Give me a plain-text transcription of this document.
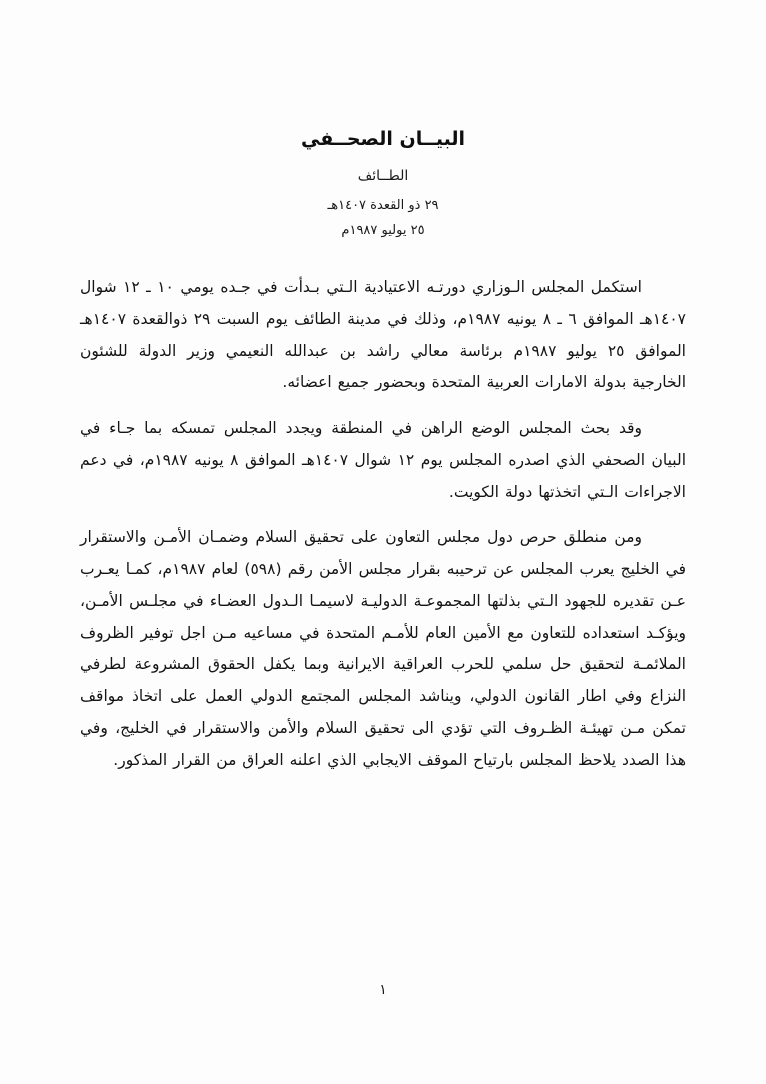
البيــان الصحــفي
الطــائف
٢٩ ذو القعدة ١٤٠٧هـ
٢٥ يوليو ١٩٨٧م

استكمل المجلس الـوزاري دورتـه الاعتيادية الـتي بـدأت في جـده يومي ١٠ ـ ١٢ شوال ١٤٠٧هـ الموافق ٦ ـ ٨ يونيه ١٩٨٧م، وذلك في مدينة الطائف يوم السبت ٢٩ ذوالقعدة ١٤٠٧هـ الموافق ٢٥ يوليو ١٩٨٧م برئاسة معالي راشد بن عبدالله النعيمي وزير الدولة للشئون الخارجية بدولة الامارات العربية المتحدة وبحضور جميع اعضائه.

وقد بحث المجلس الوضع الراهن في المنطقة ويجدد المجلس تمسكه بما جـاء في البيان الصحفي الذي اصدره المجلس يوم ١٢ شوال ١٤٠٧هـ الموافق ٨ يونيه ١٩٨٧م، في دعم الاجراءات الـتي اتخذتها دولة الكويت.

ومن منطلق حرص دول مجلس التعاون على تحقيق السلام وضمـان الأمـن والاستقرار في الخليج يعرب المجلس عن ترحيبه بقرار مجلس الأمن رقم (٥٩٨) لعام ١٩٨٧م، كمـا يعـرب عـن تقديره للجهود الـتي بذلتها المجموعـة الدوليـة لاسيمـا الـدول العضـاء في مجلـس الأمـن، ويؤكـد استعداده للتعاون مع الأمين العام للأمـم المتحدة في مساعيه مـن اجل توفير الظروف الملائمـة لتحقيق حل سلمي للحرب العراقية الايرانية وبما يكفل الحقوق المشروعة لطرفي النزاع وفي اطار القانون الدولي، ويناشد المجلس المجتمع الدولي العمل على اتخاذ مواقف تمكن مـن تهيئـة الظـروف التي تؤدي الى تحقيق السلام والأمن والاستقرار في الخليج، وفي هذا الصدد يلاحظ المجلس بارتياح الموقف الايجابي الذي اعلنه العراق من القرار المذكور.

١
